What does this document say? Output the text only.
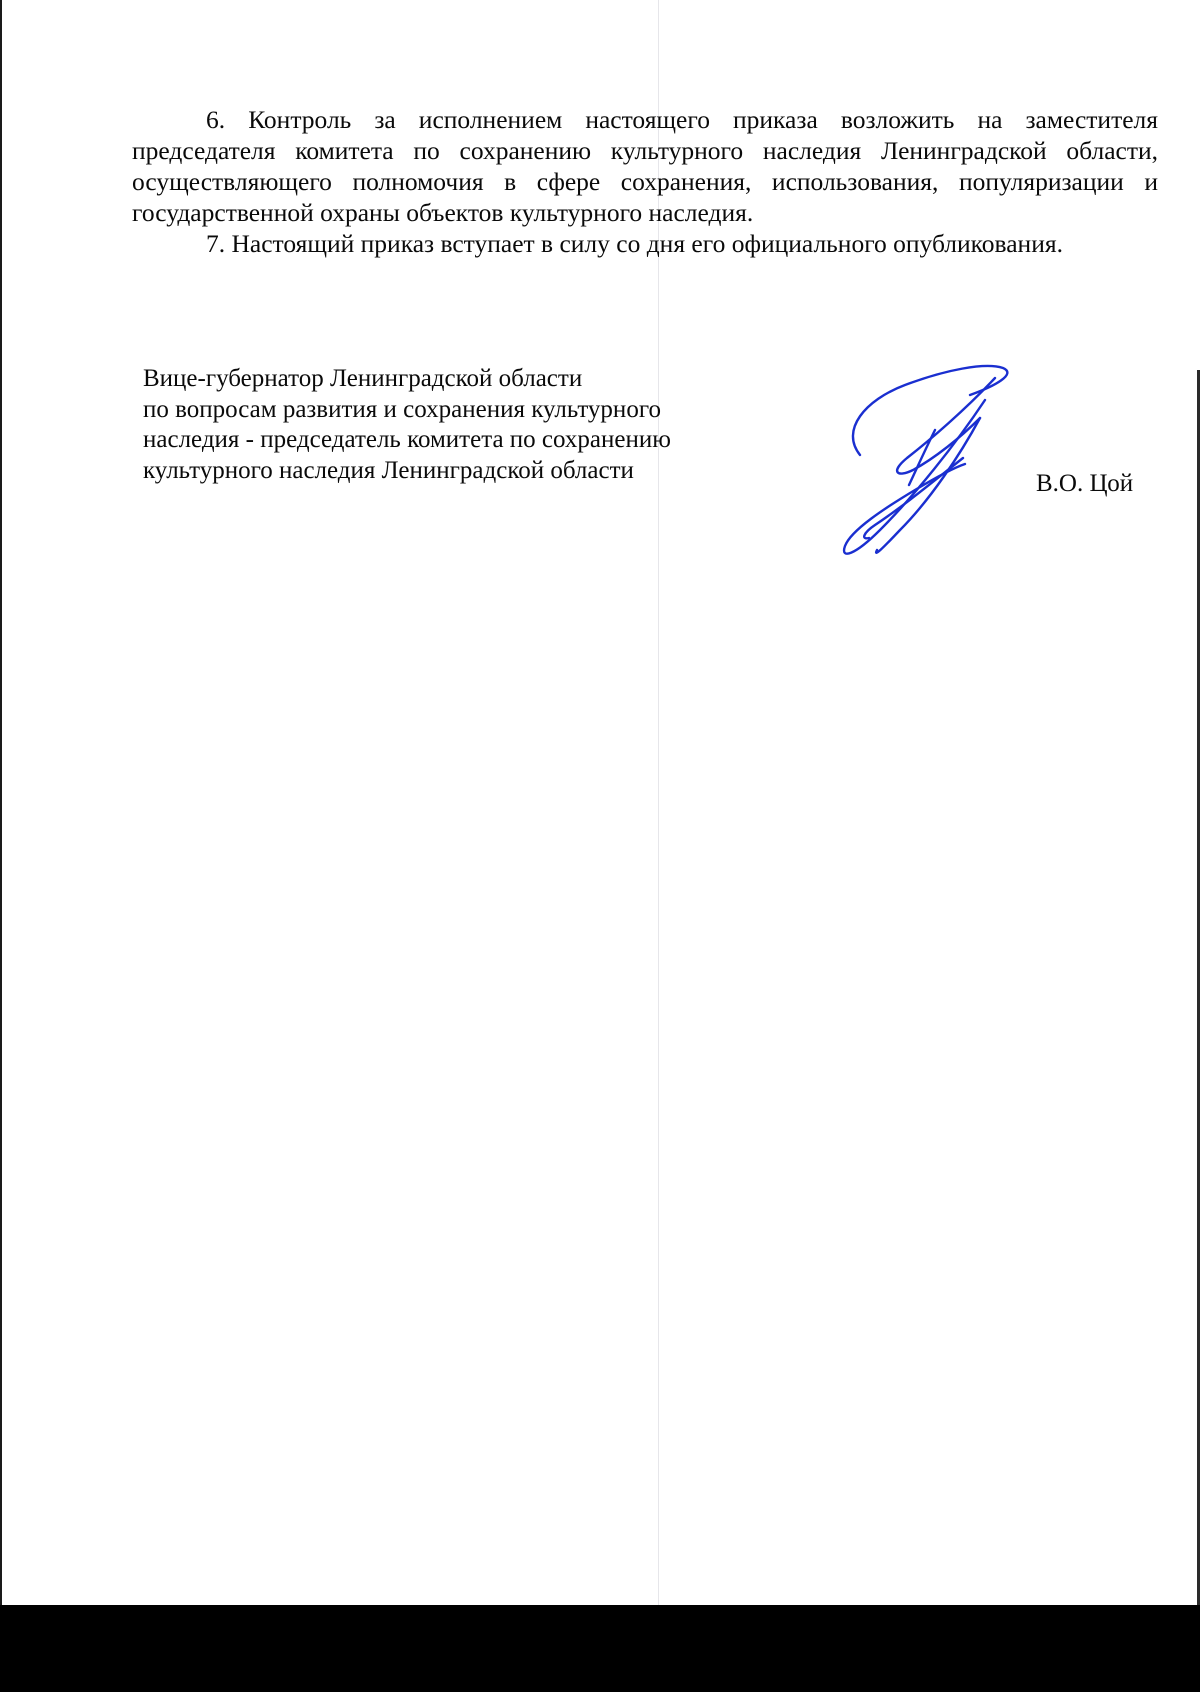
6. Контроль за исполнением настоящего приказа возложить на заместителя председателя комитета по сохранению культурного наследия Ленинградской области, осуществляющего полномочия в сфере сохранения, использования, популяризации и государственной охраны объектов культурного наследия.

7. Настоящий приказ вступает в силу со дня его официального опубликования.

Вице-губернатор Ленинградской области
по вопросам развития и сохранения культурного
наследия - председатель комитета по сохранению
культурного наследия Ленинградской области	В.О. Цой
